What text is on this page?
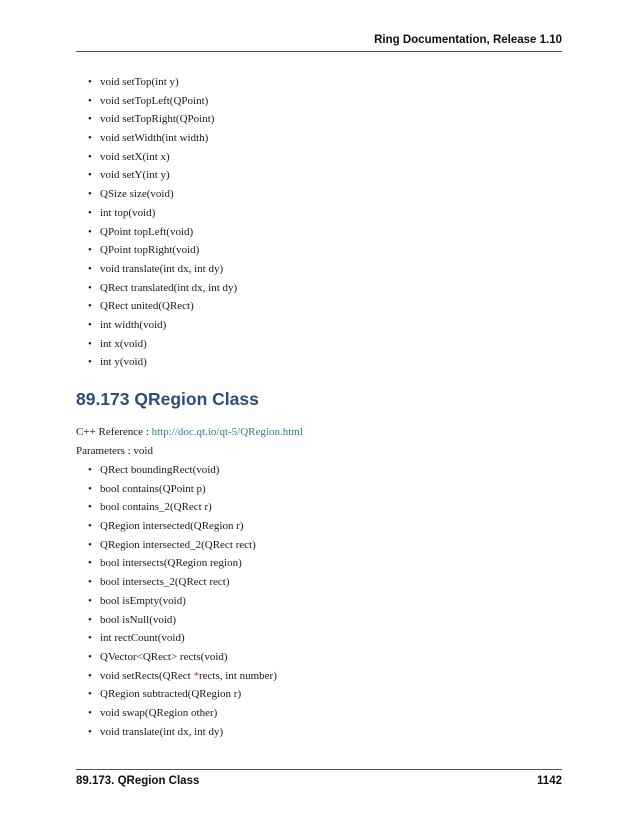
Ring Documentation, Release 1.10
• void setTop(int y)
• void setTopLeft(QPoint)
• void setTopRight(QPoint)
• void setWidth(int width)
• void setX(int x)
• void setY(int y)
• QSize size(void)
• int top(void)
• QPoint topLeft(void)
• QPoint topRight(void)
• void translate(int dx, int dy)
• QRect translated(int dx, int dy)
• QRect united(QRect)
• int width(void)
• int x(void)
• int y(void)
89.173 QRegion Class
C++ Reference : http://doc.qt.io/qt-5/QRegion.html
Parameters : void
• QRect boundingRect(void)
• bool contains(QPoint p)
• bool contains_2(QRect r)
• QRegion intersected(QRegion r)
• QRegion intersected_2(QRect rect)
• bool intersects(QRegion region)
• bool intersects_2(QRect rect)
• bool isEmpty(void)
• bool isNull(void)
• int rectCount(void)
• QVector<QRect> rects(void)
• void setRects(QRect *rects, int number)
• QRegion subtracted(QRegion r)
• void swap(QRegion other)
• void translate(int dx, int dy)
89.173. QRegion Class	1142
